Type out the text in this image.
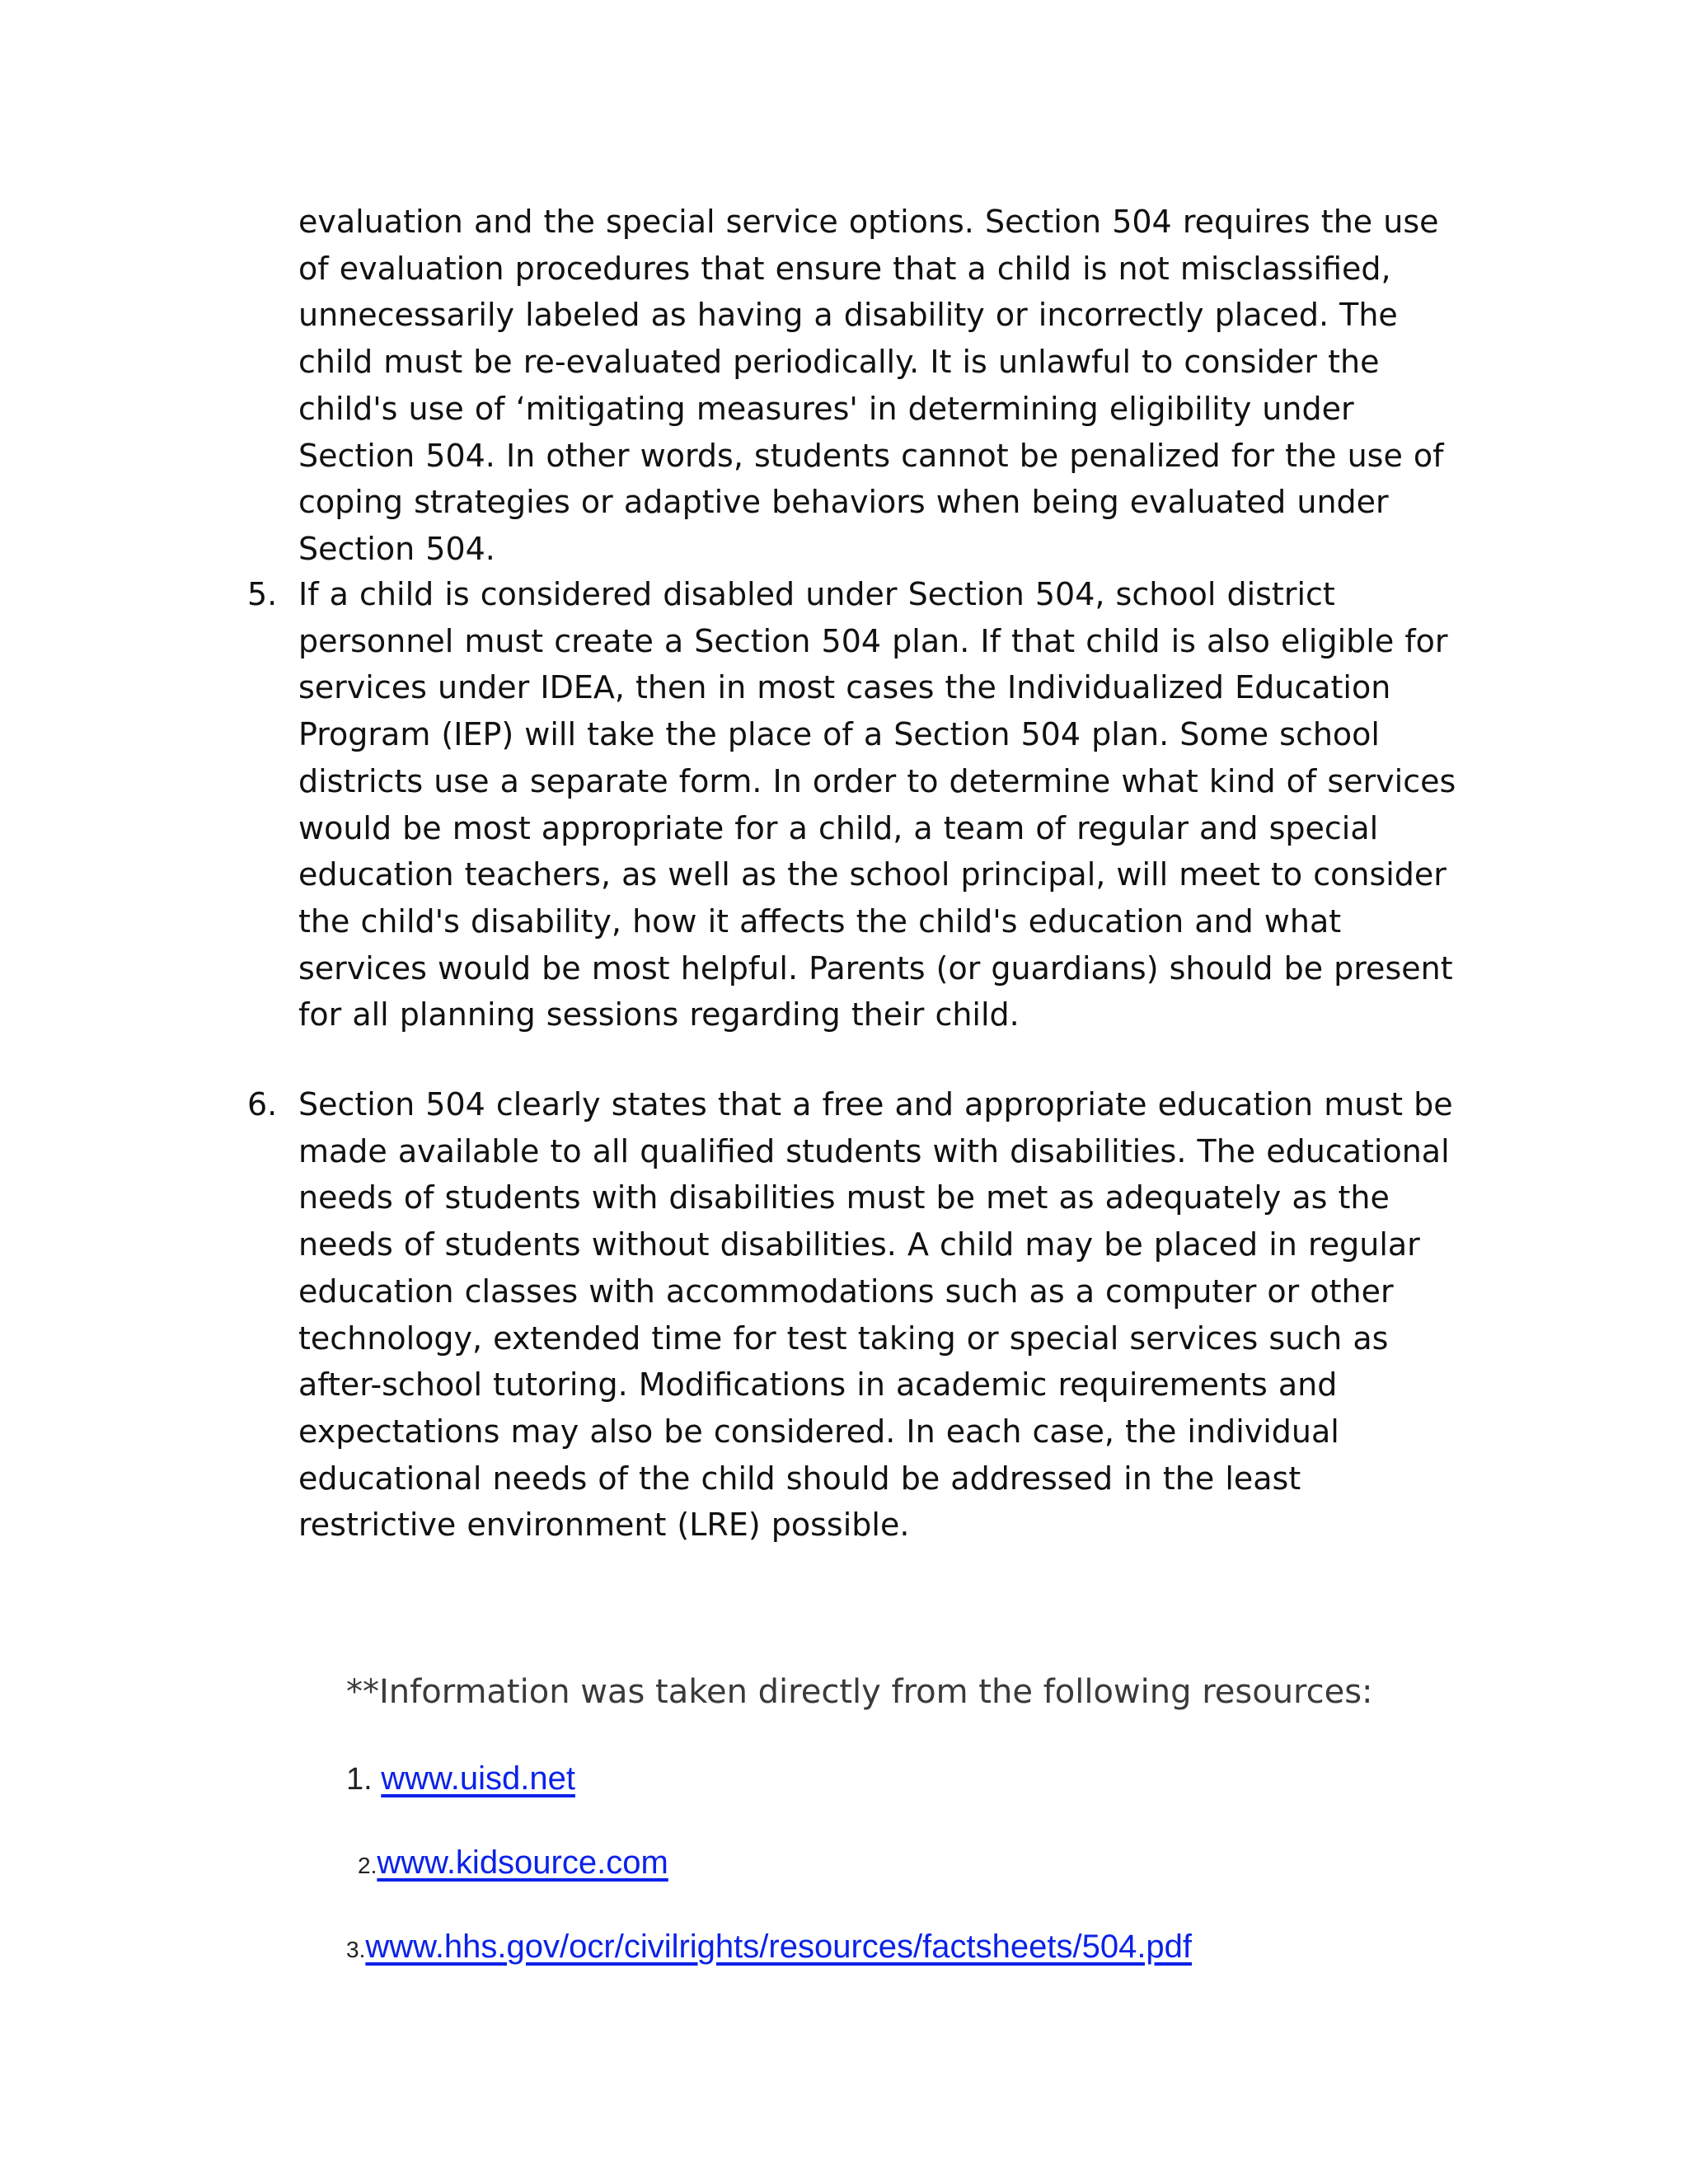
evaluation and the special service options. Section 504 requires the use of evaluation procedures that ensure that a child is not misclassified, unnecessarily labeled as having a disability or incorrectly placed. The child must be re-evaluated periodically. It is unlawful to consider the child's use of ‘mitigating measures' in determining eligibility under Section 504. In other words, students cannot be penalized for the use of coping strategies or adaptive behaviors when being evaluated under Section 504.

5. If a child is considered disabled under Section 504, school district personnel must create a Section 504 plan. If that child is also eligible for services under IDEA, then in most cases the Individualized Education Program (IEP) will take the place of a Section 504 plan. Some school districts use a separate form. In order to determine what kind of services would be most appropriate for a child, a team of regular and special education teachers, as well as the school principal, will meet to consider the child's disability, how it affects the child's education and what services would be most helpful. Parents (or guardians) should be present for all planning sessions regarding their child.

6. Section 504 clearly states that a free and appropriate education must be made available to all qualified students with disabilities. The educational needs of students with disabilities must be met as adequately as the needs of students without disabilities. A child may be placed in regular education classes with accommodations such as a computer or other technology, extended time for test taking or special services such as after-school tutoring. Modifications in academic requirements and expectations may also be considered. In each case, the individual educational needs of the child should be addressed in the least restrictive environment (LRE) possible.

**Information was taken directly from the following resources:

1. www.uisd.net
2.www.kidsource.com
3.www.hhs.gov/ocr/civilrights/resources/factsheets/504.pdf
